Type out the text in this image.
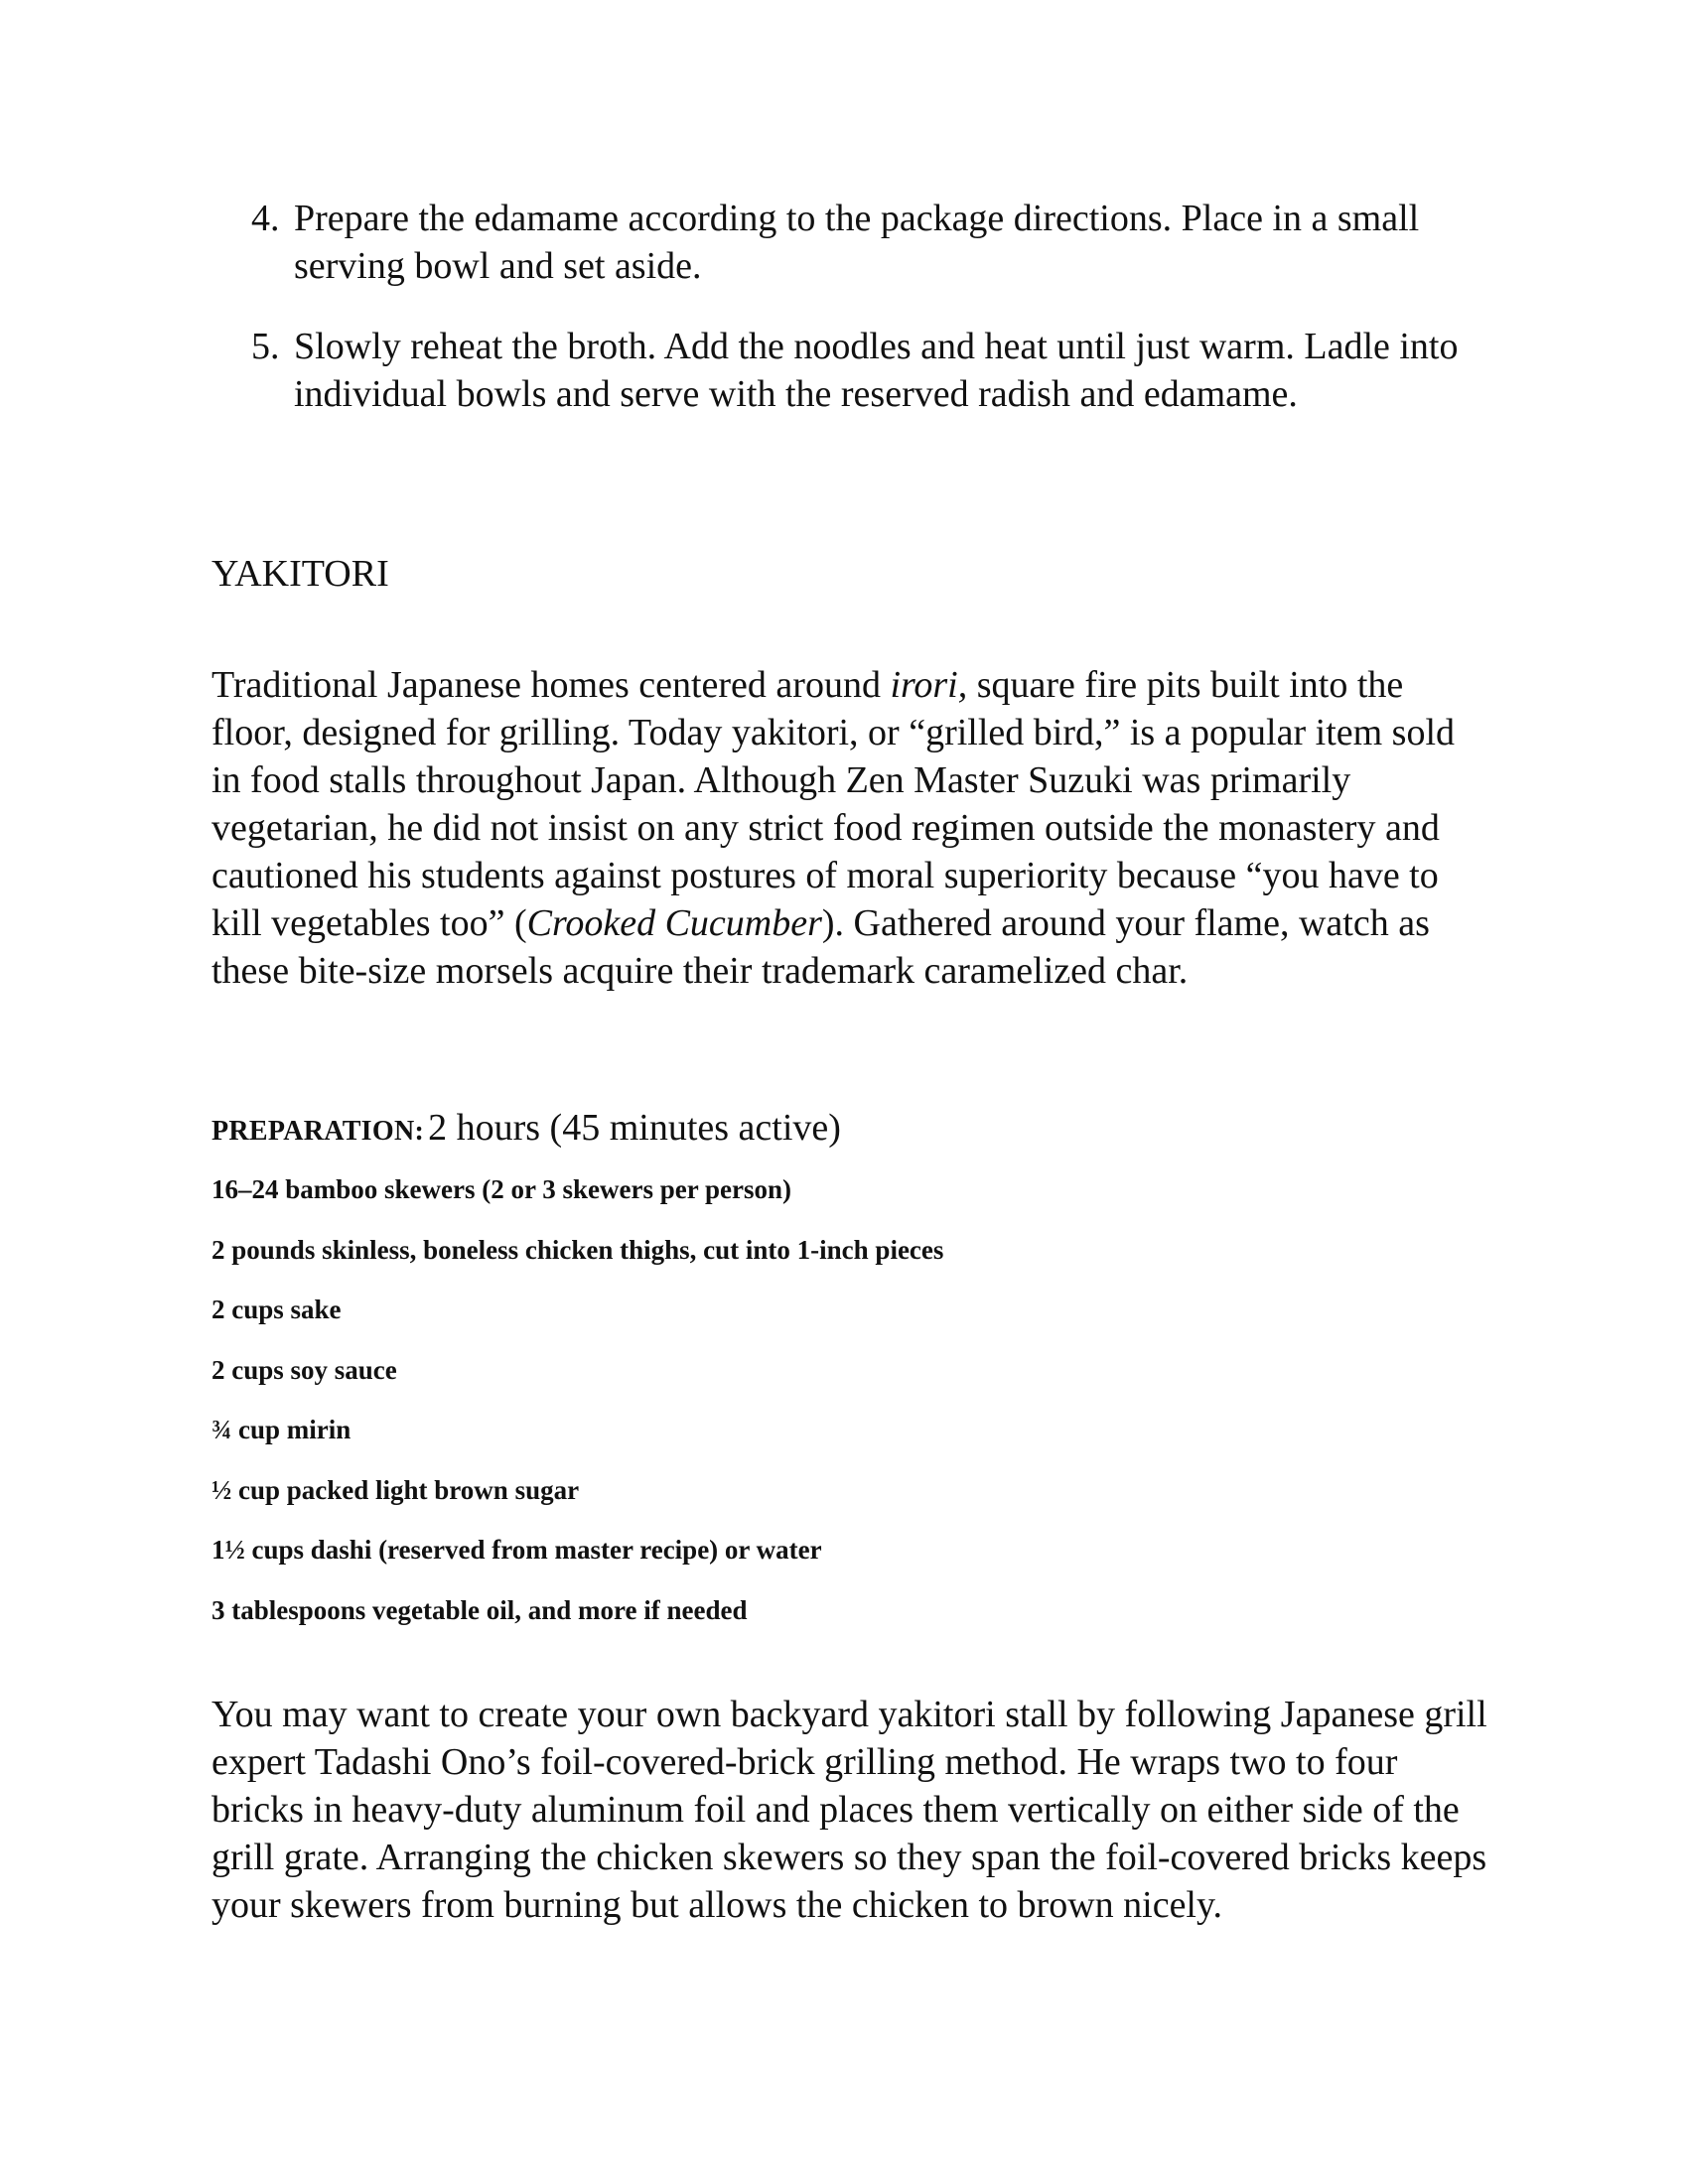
4. Prepare the edamame according to the package directions. Place in a small serving bowl and set aside.
5. Slowly reheat the broth. Add the noodles and heat until just warm. Ladle into individual bowls and serve with the reserved radish and edamame.
YAKITORI

Traditional Japanese homes centered around irori, square fire pits built into the floor, designed for grilling. Today yakitori, or “grilled bird,” is a popular item sold in food stalls throughout Japan. Although Zen Master Suzuki was primarily vegetarian, he did not insist on any strict food regimen outside the monastery and cautioned his students against postures of moral superiority because “you have to kill vegetables too” (Crooked Cucumber). Gathered around your flame, watch as these bite-size morsels acquire their trademark caramelized char.

PREPARATION: 2 hours (45 minutes active)

16–24 bamboo skewers (2 or 3 skewers per person)
2 pounds skinless, boneless chicken thighs, cut into 1-inch pieces
2 cups sake
2 cups soy sauce
¾ cup mirin
½ cup packed light brown sugar
1½ cups dashi (reserved from master recipe) or water
3 tablespoons vegetable oil, and more if needed

You may want to create your own backyard yakitori stall by following Japanese grill expert Tadashi Ono’s foil-covered-brick grilling method. He wraps two to four bricks in heavy-duty aluminum foil and places them vertically on either side of the grill grate. Arranging the chicken skewers so they span the foil-covered bricks keeps your skewers from burning but allows the chicken to brown nicely.
